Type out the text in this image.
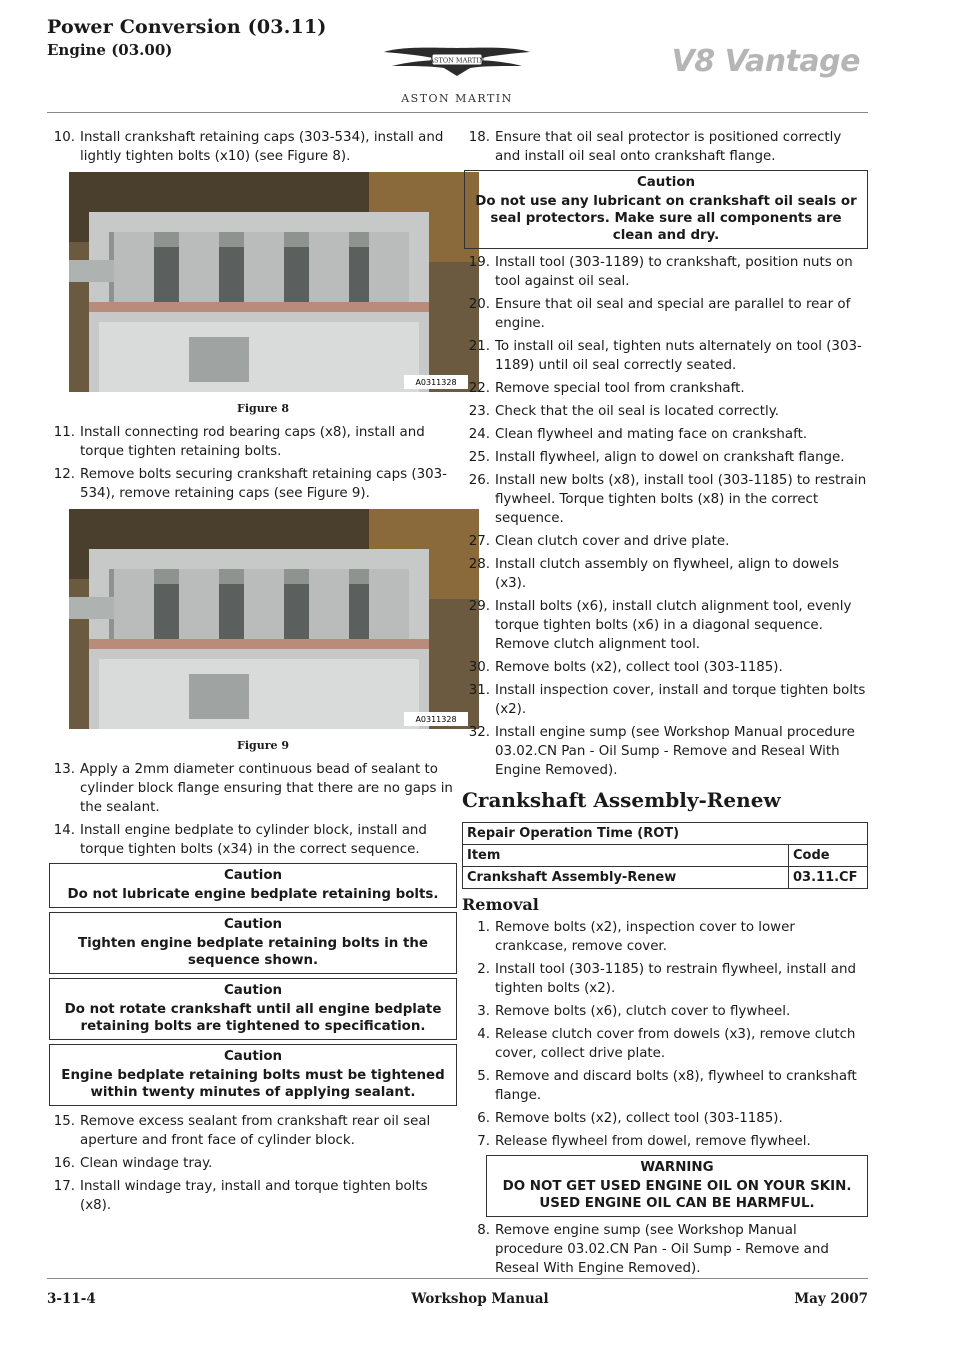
Power Conversion (03.11)
Engine (03.00)
ASTON MARTIN
ASTON MARTIN
V8 Vantage
10. Install crankshaft retaining caps (303-534), install and lightly tighten bolts (x10) (see Figure 8).
A0311328
Figure 8
11. Install connecting rod bearing caps (x8), install and torque tighten retaining bolts.
12. Remove bolts securing crankshaft retaining caps (303-534), remove retaining caps (see Figure 9).
A0311328
Figure 9
13. Apply a 2mm diameter continuous bead of sealant to cylinder block flange ensuring that there are no gaps in the sealant.
14. Install engine bedplate to cylinder block, install and torque tighten bolts (x34) in the correct sequence.
Caution
Do not lubricate engine bedplate retaining bolts.
Caution
Tighten engine bedplate retaining bolts in the sequence shown.
Caution
Do not rotate crankshaft until all engine bedplate retaining bolts are tightened to specification.
Caution
Engine bedplate retaining bolts must be tightened within twenty minutes of applying sealant.
15. Remove excess sealant from crankshaft rear oil seal aperture and front face of cylinder block.
16. Clean windage tray.
17. Install windage tray, install and torque tighten bolts (x8).
18. Ensure that oil seal protector is positioned correctly and install oil seal onto crankshaft flange.
Caution
Do not use any lubricant on crankshaft oil seals or seal protectors. Make sure all components are clean and dry.
19. Install tool (303-1189) to crankshaft, position nuts on tool against oil seal.
20. Ensure that oil seal and special are parallel to rear of engine.
21. To install oil seal, tighten nuts alternately on tool (303-1189) until oil seal correctly seated.
22. Remove special tool from crankshaft.
23. Check that the oil seal is located correctly.
24. Clean flywheel and mating face on crankshaft.
25. Install flywheel, align to dowel on crankshaft flange.
26. Install new bolts (x8), install tool (303-1185) to restrain flywheel. Torque tighten bolts (x8) in the correct sequence.
27. Clean clutch cover and drive plate.
28. Install clutch assembly on flywheel, align to dowels (x3).
29. Install bolts (x6), install clutch alignment tool, evenly torque tighten bolts (x6) in a diagonal sequence. Remove clutch alignment tool.
30. Remove bolts (x2), collect tool (303-1185).
31. Install inspection cover, install and torque tighten bolts (x2).
32. Install engine sump (see Workshop Manual procedure 03.02.CN Pan - Oil Sump - Remove and Reseal With Engine Removed).
Crankshaft Assembly-Renew
Repair Operation Time (ROT)	
Item	Code
Crankshaft Assembly-Renew	03.11.CF
Removal
1. Remove bolts (x2), inspection cover to lower crankcase, remove cover.
2. Install tool (303-1185) to restrain flywheel, install and tighten bolts (x2).
3. Remove bolts (x6), clutch cover to flywheel.
4. Release clutch cover from dowels (x3), remove clutch cover, collect drive plate.
5. Remove and discard bolts (x8), flywheel to crankshaft flange.
6. Remove bolts (x2), collect tool (303-1185).
7. Release flywheel from dowel, remove flywheel.
WARNING
DO NOT GET USED ENGINE OIL ON YOUR SKIN.
USED ENGINE OIL CAN BE HARMFUL.
8. Remove engine sump (see Workshop Manual procedure 03.02.CN Pan - Oil Sump - Remove and Reseal With Engine Removed).
3-11-4	Workshop Manual	May 2007
